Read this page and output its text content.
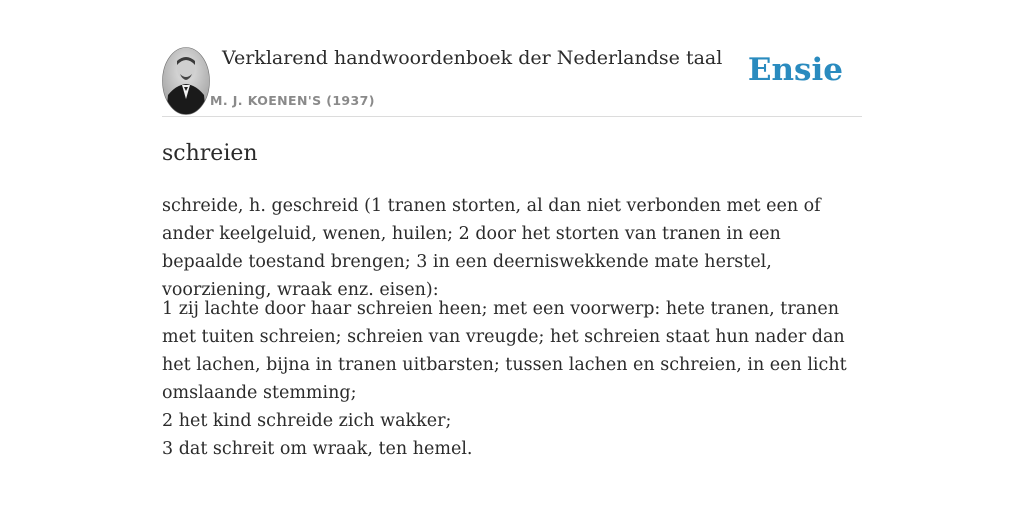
Verklarend handwoordenboek der Nederlandse taal
M. J. KOENEN'S (1937)
Ensie
schreien

schreide, h. geschreid (1 tranen storten, al dan niet verbonden met een of ander keelgeluid, wenen, huilen; 2 door het storten van tranen in een bepaalde toestand brengen; 3 in een deerniswekkende mate herstel, voorziening, wraak enz. eisen):

1 zij lachte door haar schreien heen; met een voorwerp: hete tranen, tranen met tuiten schreien; schreien van vreugde; het schreien staat hun nader dan het lachen, bijna in tranen uitbarsten; tussen lachen en schreien, in een licht omslaande stemming;
2 het kind schreide zich wakker;
3 dat schreit om wraak, ten hemel.
